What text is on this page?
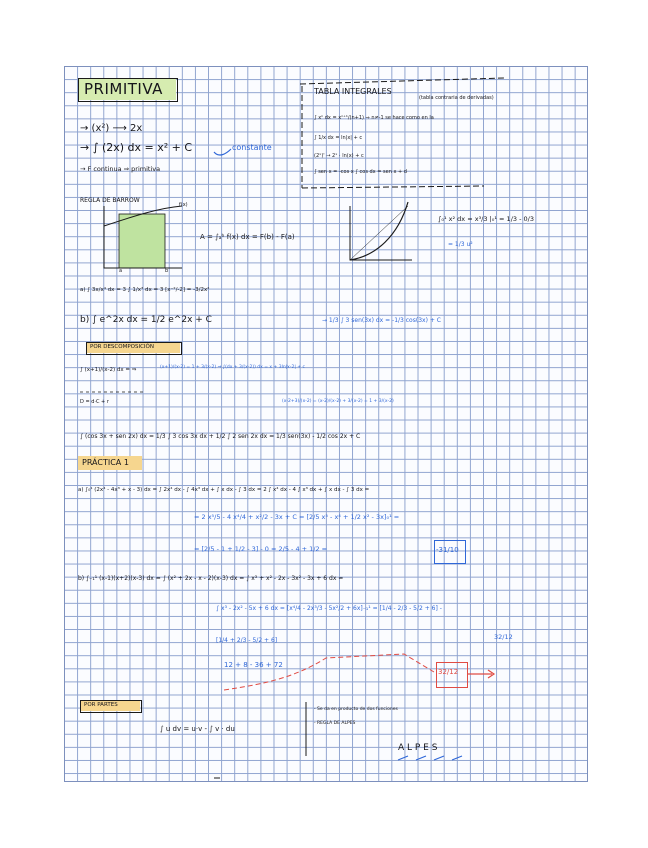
PRIMITIVA
→ (x²) ⟶ 2x
→ ∫ (2x) dx = x² + C	constante
→ F continua ⇒ primitiva
TABLA INTEGRALES
(tabla contraria de derivadas)
∫ xⁿ dx = xⁿ⁺¹/(n+1) ⇒ n≠-1 se hace como en la
∫ 1/x dx = ln|x| + c
(2ˣ)' → 2ˣ · ln(x) + c
∫ sen x = -cos x ∫ cos dx = sen x + d
REGLA DE BARROW
f(x)
a	b
A = ∫ₐᵇ f(x) dx = F(b) - F(a)
∫₀¹ x² dx = x³/3 |₀¹ = 1/3 - 0/3
= 1/3 u²
a) ∫ 3x/x⁴ dx = 3 ∫ 1/x³ dx = 3 [x⁻²/-2] = -3/2x²
b) ∫ e^2x dx = 1/2 e^2x + C	→ 1/3 ∫ 3 sen(3x) dx = -1/3 cos(3x) + C
POR DESCOMPOSICIÓN
∫ (x+1)/(x-2) dx = ⇒	(x+1)/(x-2) = 1 + 3/(x-2) ⇒ ∫(dx + 3/(x-2)) dx = x + 3ln|x-2| + c
D = d·C + r	(x-2+3)/(x-2) = (x-2)/(x-2) + 3/(x-2) = 1 + 3/(x-2)
∫ (cos 3x + sen 2x) dx = 1/3 ∫ 3 cos 3x dx + 1/2 ∫ 2 sen 2x dx = 1/3 sen(3x) - 1/2 cos 2x + C
PRÁCTICA 1
a) ∫₀¹ (2x⁴ - 4x³ + x - 3) dx = ∫ 2x⁴ dx - ∫ 4x³ dx + ∫ x dx - ∫ 3 dx = 2 ∫ x⁴ dx - 4 ∫ x³ dx + ∫ x dx - ∫ 3 dx =
= 2 x⁵/5 - 4 x⁴/4 + x²/2 - 3x + C = [2/5 x⁵ - x⁴ + 1/2 x² - 3x]₀¹ =
= [2/5 - 1 + 1/2 - 3] - 0 = 2/5 - 4 + 1/2 =	-31/10
b) ∫₋₁¹ (x-1)(x+2)(x-3) dx = ∫ (x² + 2x - x - 2)(x-3) dx = ∫ x³ + x² - 2x - 3x² - 3x + 6 dx =
∫ x³ - 2x² - 5x + 6 dx = [x⁴/4 - 2x³/3 - 5x²/2 + 6x]₋₁¹ = [1/4 - 2/3 - 5/2 + 6] -
[1/4 + 2/3 - 5/2 + 6]	32/12
12 + 8 - 36 + 72
32/12
POR PARTES
∫ u dv = u·v - ∫ v · du
- Se da en producto de dos funciones
- REGLA DE ALPES
A L P E S
